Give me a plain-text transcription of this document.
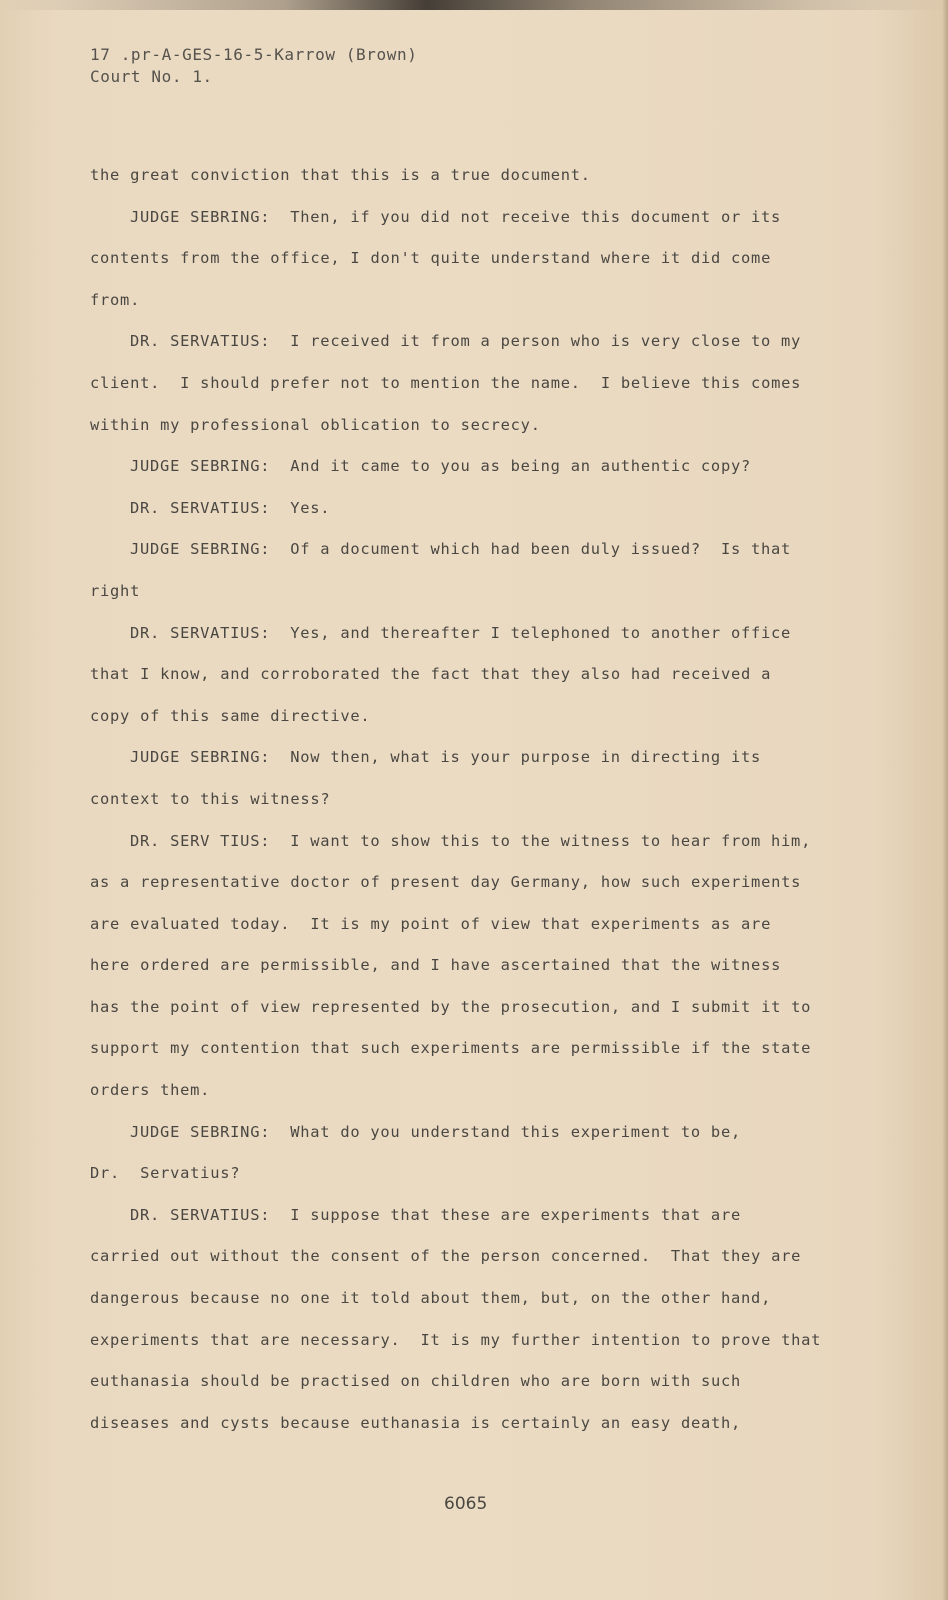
17 .pr-A-GES-16-5-Karrow (Brown)
Court No. 1.
the great conviction that this is a true document.
JUDGE SEBRING:  Then, if you did not receive this document or its
contents from the office, I don't quite understand where it did come
from.
DR. SERVATIUS:  I received it from a person who is very close to my
client.  I should prefer not to mention the name.  I believe this comes
within my professional oblication to secrecy.
JUDGE SEBRING:  And it came to you as being an authentic copy?
DR. SERVATIUS:  Yes.
JUDGE SEBRING:  Of a document which had been duly issued?  Is that
right
DR. SERVATIUS:  Yes, and thereafter I telephoned to another office
that I know, and corroborated the fact that they also had received a
copy of this same directive.
JUDGE SEBRING:  Now then, what is your purpose in directing its
context to this witness?
DR. SERV TIUS:  I want to show this to the witness to hear from him,
as a representative doctor of present day Germany, how such experiments
are evaluated today.  It is my point of view that experiments as are
here ordered are permissible, and I have ascertained that the witness
has the point of view represented by the prosecution, and I submit it to
support my contention that such experiments are permissible if the state
orders them.
JUDGE SEBRING:  What do you understand this experiment to be,
Dr.  Servatius?
DR. SERVATIUS:  I suppose that these are experiments that are
carried out without the consent of the person concerned.  That they are
dangerous because no one it told about them, but, on the other hand,
experiments that are necessary.  It is my further intention to prove that
euthanasia should be practised on children who are born with such
diseases and cysts because euthanasia is certainly an easy death,
6065
